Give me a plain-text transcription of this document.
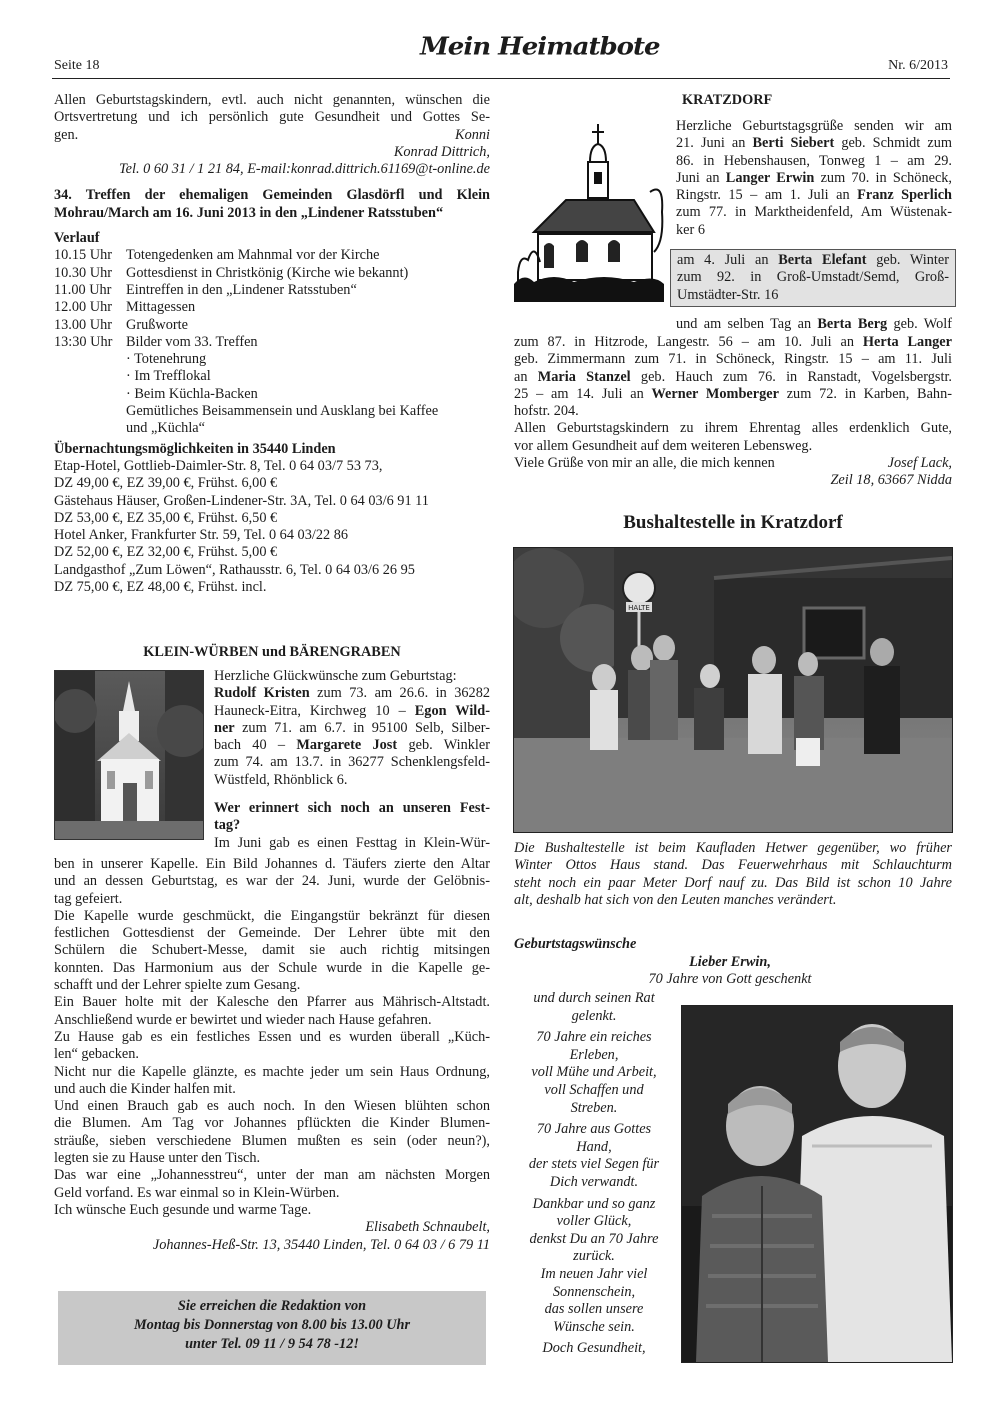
Seite 18
Mein Heimatbote
Nr. 6/2013
Allen Geburtstagskindern, evtl. auch nicht genannten, wünschen die
Ortsvertretung und ich persönlich gute Gesundheit und Gottes Se-
gen.	Konni
Konrad Dittrich,
Tel. 0 60 31 / 1 21 84, E-mail:konrad.dittrich.61169@t-online.de
34. Treffen der ehemaligen Gemeinden Glasdörfl und Klein
Mohrau/March am 16. Juni 2013 in den „Lindener Ratsstuben“
Verlauf
10.15 Uhr Totengedenken am Mahnmal vor der Kirche
10.30 Uhr Gottesdienst in Christkönig (Kirche wie bekannt)
11.00 Uhr	Eintreffen in den „Lindener Ratsstuben“
12.00 Uhr Mittagessen
13.00 Uhr Grußworte
13:30 Uhr Bilder vom 33. Treffen
· Totenehrung
· Im Trefflokal
· Beim Küchla-Backen
Gemütliches Beisammensein und Ausklang bei Kaffee
und „Küchla“
Übernachtungsmöglichkeiten in 35440 Linden
Etap-Hotel, Gottlieb-Daimler-Str. 8, Tel. 0 64 03/7 53 73,
DZ 49,00 €, EZ 39,00 €, Frühst. 6,00 €
Gästehaus Häuser, Großen-Lindener-Str. 3A, Tel. 0 64 03/6 91 11
DZ 53,00 €, EZ 35,00 €, Frühst. 6,50 €
Hotel Anker, Frankfurter Str. 59, Tel. 0 64 03/22 86
DZ 52,00 €, EZ 32,00 €, Frühst. 5,00 €
Landgasthof „Zum Löwen“, Rathausstr. 6, Tel. 0 64 03/6 26 95
DZ 75,00 €, EZ 48,00 €, Frühst. incl.
KLEIN-WÜRBEN und BÄRENGRABEN
Herzliche Glückwünsche zum Geburtstag:
Rudolf Kristen zum 73. am 26.6. in 36282
Hauneck-Eitra, Kirchweg 10 – Egon Wild-
ner zum 71. am 6.7. in 95100 Selb, Silber-
bach 40 – Margarete Jost geb. Winkler
zum 74. am 13.7. in 36277 Schenklengsfeld-
Wüstfeld, Rhönblick 6.
Wer erinnert sich noch an unseren Fest-
tag?
Im Juni gab es einen Festtag in Klein-Wür-
ben in unserer Kapelle. Ein Bild Johannes d. Täufers zierte den Altar
und an dessen Geburtstag, es war der 24. Juni, wurde der Gelöbnis-
tag gefeiert.
Die Kapelle wurde geschmückt, die Eingangstür bekränzt für diesen
festlichen Gottesdienst der Gemeinde. Der Lehrer übte mit den
Schülern die Schubert-Messe, damit sie auch richtig mitsingen
konnten. Das Harmonium aus der Schule wurde in die Kapelle ge-
schafft und der Lehrer spielte zum Gesang.
Ein Bauer holte mit der Kalesche den Pfarrer aus Mährisch-Altstadt.
Anschließend wurde er bewirtet und wieder nach Hause gefahren.
Zu Hause gab es ein festliches Essen und es wurden überall „Küch-
len“ gebacken.
Nicht nur die Kapelle glänzte, es machte jeder um sein Haus Ordnung,
und auch die Kinder halfen mit.
Und einen Brauch gab es auch noch. In den Wiesen blühten schon
die Blumen. Am Tag vor Johannes pflückten die Kinder Blumen-
sträuße, sieben verschiedene Blumen mußten es sein (oder neun?),
legten sie zu Hause unter den Tisch.
Das war eine „Johannesstreu“, unter der man am nächsten Morgen
Geld vorfand. Es war einmal so in Klein-Würben.
Ich wünsche Euch gesunde und warme Tage.
Elisabeth Schnaubelt,
Johannes-Heß-Str. 13, 35440 Linden, Tel. 0 64 03 / 6 79 11
Sie erreichen die Redaktion von
Montag bis Donnerstag von 8.00 bis 13.00 Uhr
unter Tel. 09 11 / 9 54 78 -12!
KRATZDORF
Herzliche Geburtstagsgrüße senden wir am
21. Juni an Berti Siebert geb. Schmidt zum
86. in Hebenshausen, Tonweg 1 – am 29.
Juni an Langer Erwin zum 70. in Schöneck,
Ringstr. 15 – am 1. Juli an Franz Sperlich
zum 77. in Marktheidenfeld, Am Wüstenak-
ker 6
am 4. Juli an Berta Elefant geb. Winter
zum 92. in Groß-Umstadt/Semd, Groß-
Umstädter-Str. 16
und am selben Tag an Berta Berg geb. Wolf
zum 87. in Hitzrode, Langestr. 56 – am 10. Juli an Herta Langer
geb. Zimmermann zum 71. in Schöneck, Ringstr. 15 – am 11. Juli
an Maria Stanzel geb. Hauch zum 76. in Ranstadt, Vogelsbergstr.
25 – am 14. Juli an Werner Momberger zum 72. in Karben, Bahn-
hofstr. 204.
Allen Geburtstagskindern zu ihrem Ehrentag alles erdenklich Gute,
vor allem Gesundheit auf dem weiteren Lebensweg.
Viele Grüße von mir an alle, die mich kennen	Josef Lack,
Zeil 18, 63667 Nidda
Bushaltestelle in Kratzdorf
HALTE
Die Bushaltestelle ist beim Kaufladen Hetwer gegenüber, wo früher
Winter Ottos Haus stand. Das Feuerwehrhaus mit Schlauchturm
steht noch ein paar Meter Dorf nauf zu. Das Bild ist schon 10 Jahre
alt, deshalb hat sich von den Leuten manches verändert.
Geburtstagswünsche
Lieber Erwin,
70 Jahre von Gott geschenkt
und durch seinen Rat
gelenkt.
70 Jahre ein reiches
Erleben,
voll Mühe und Arbeit,
voll Schaffen und
Streben.
70 Jahre aus Gottes
Hand,
der stets viel Segen für
Dich verwandt.
Dankbar und so ganz
voller Glück,
denkst Du an 70 Jahre
zurück.
Im neuen Jahr viel
Sonnenschein,
das sollen unsere
Wünsche sein.
Doch Gesundheit,
